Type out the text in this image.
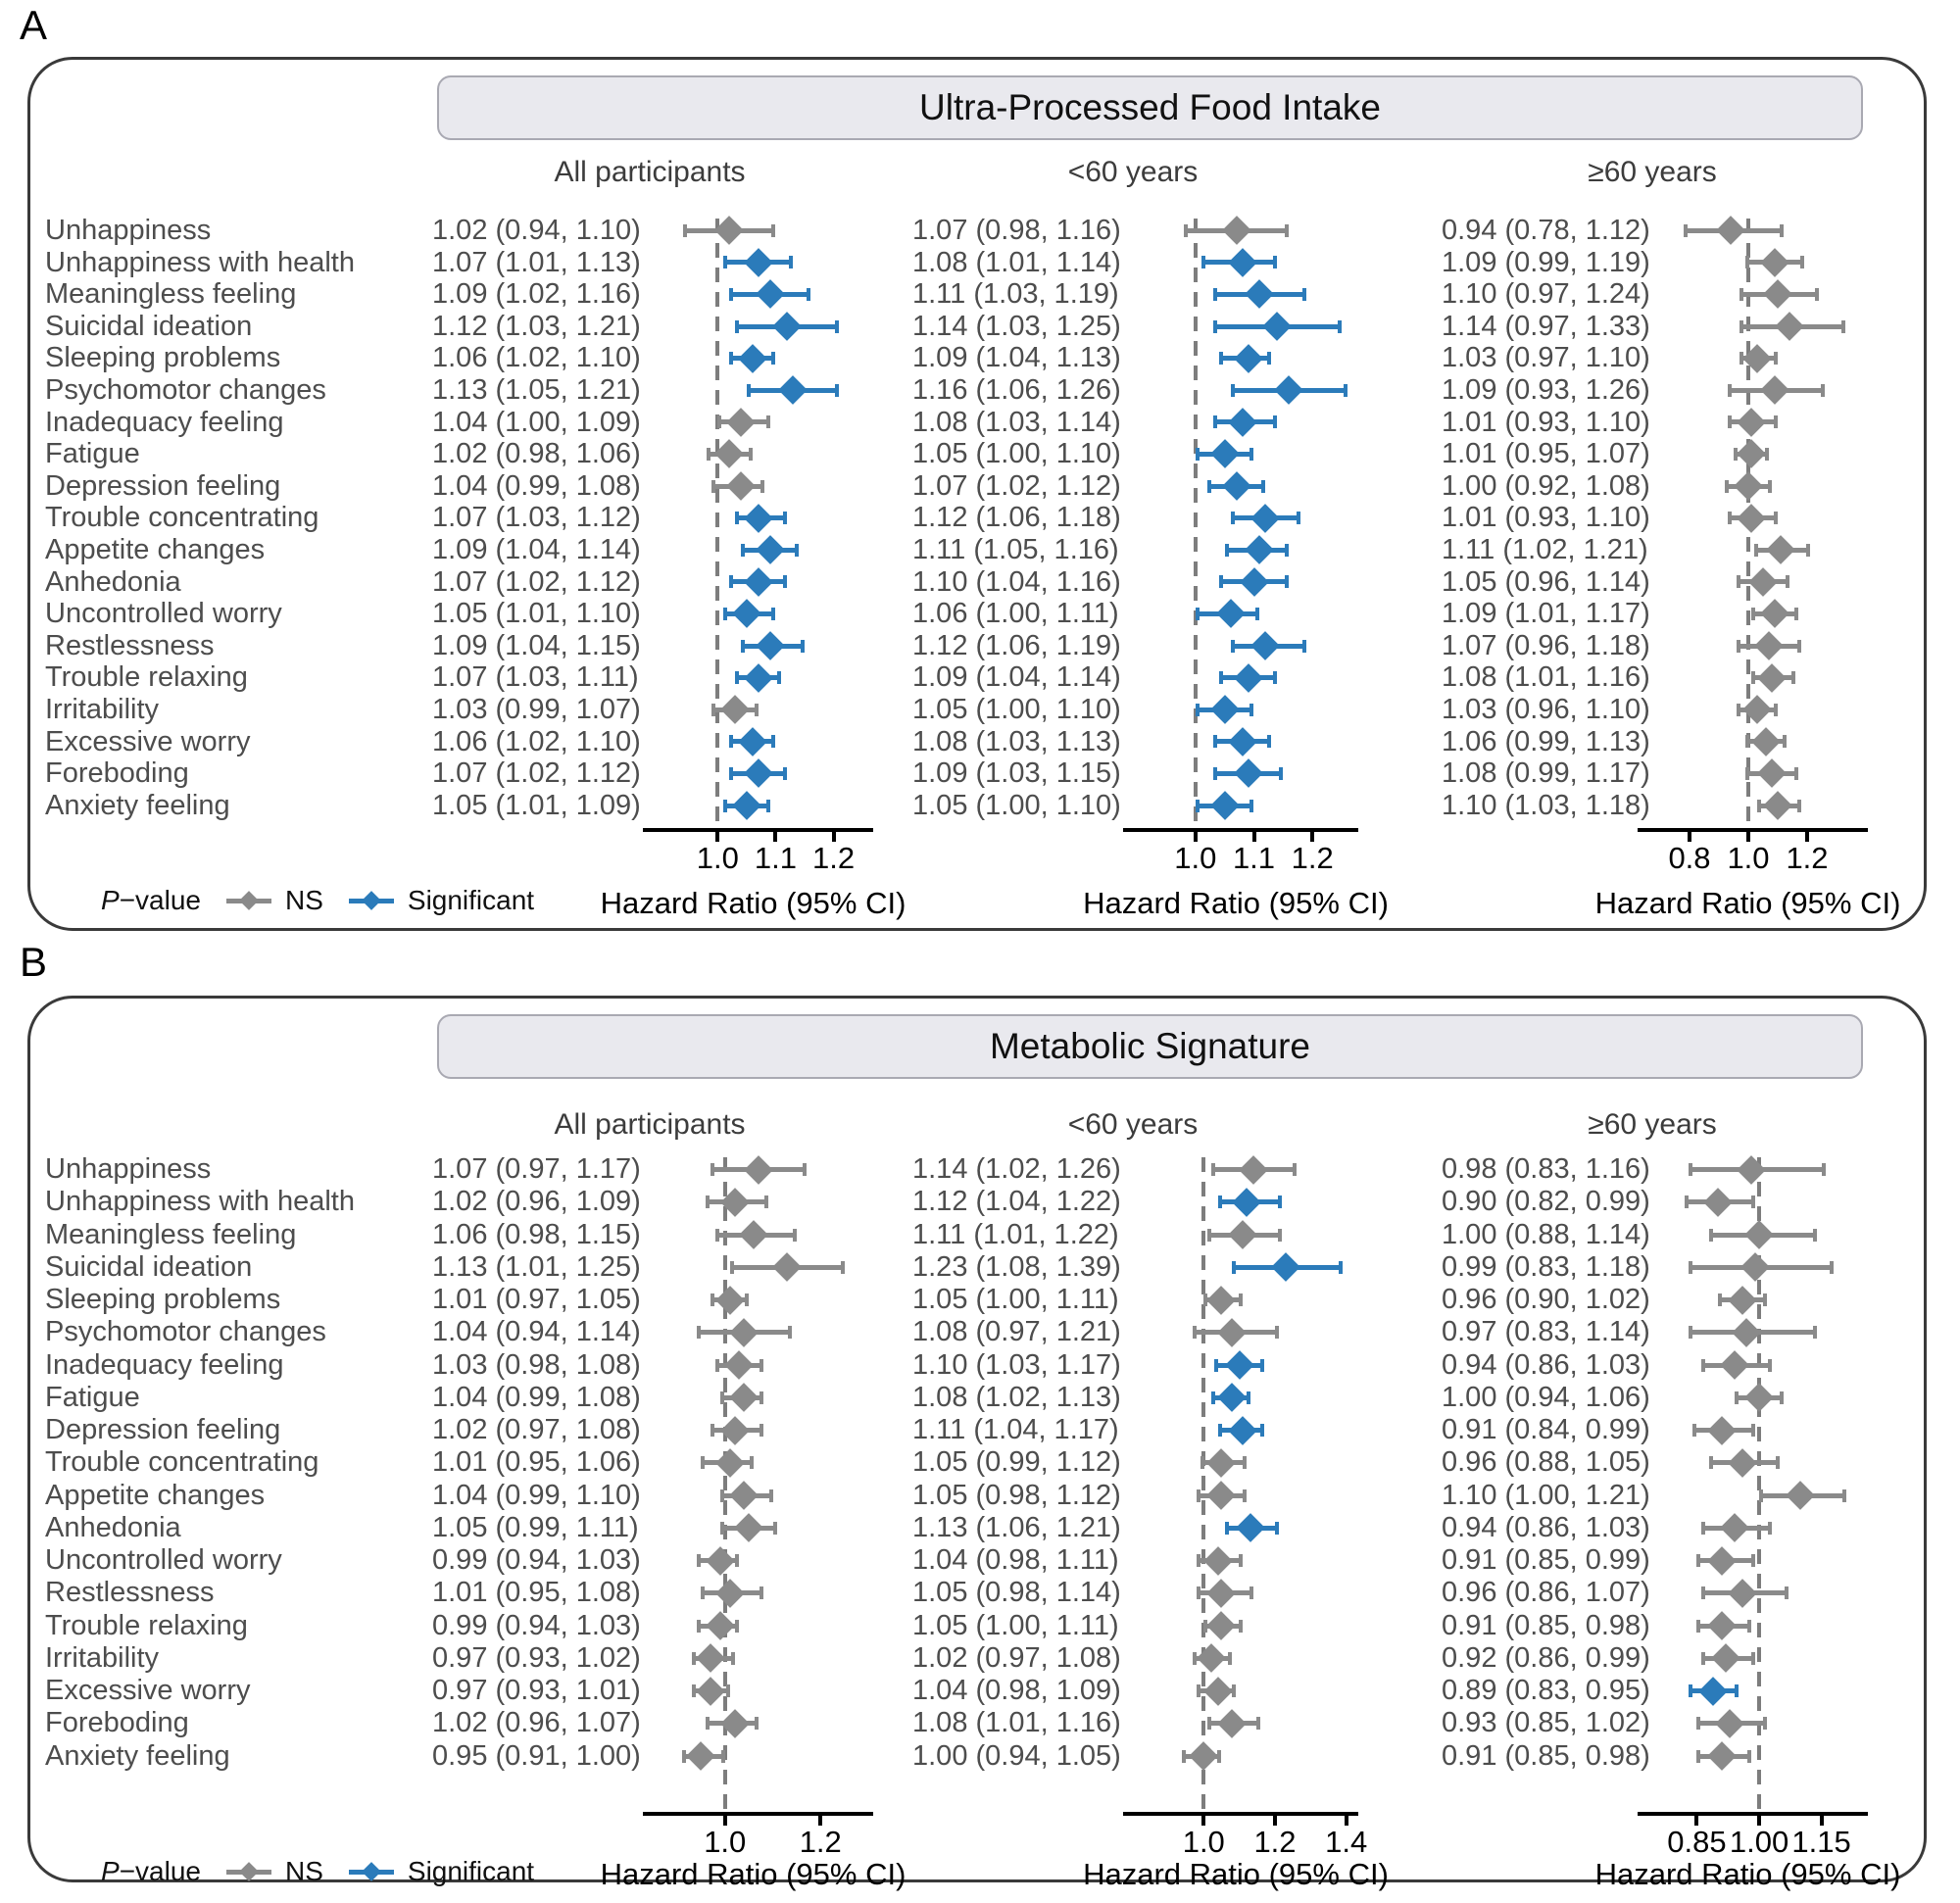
A
Ultra-Processed Food Intake
All participants	<60 years	≥60 years
Unhappiness	1.02 (0.94, 1.10)	1.07 (0.98, 1.16)	0.94 (0.78, 1.12)
Unhappiness with health	1.07 (1.01, 1.13)	1.08 (1.01, 1.14)	1.09 (0.99, 1.19)
Meaningless feeling	1.09 (1.02, 1.16)	1.11 (1.03, 1.19)	1.10 (0.97, 1.24)
Suicidal ideation	1.12 (1.03, 1.21)	1.14 (1.03, 1.25)	1.14 (0.97, 1.33)
Sleeping problems	1.06 (1.02, 1.10)	1.09 (1.04, 1.13)	1.03 (0.97, 1.10)
Psychomotor changes	1.13 (1.05, 1.21)	1.16 (1.06, 1.26)	1.09 (0.93, 1.26)
Inadequacy feeling	1.04 (1.00, 1.09)	1.08 (1.03, 1.14)	1.01 (0.93, 1.10)
Fatigue	1.02 (0.98, 1.06)	1.05 (1.00, 1.10)	1.01 (0.95, 1.07)
Depression feeling	1.04 (0.99, 1.08)	1.07 (1.02, 1.12)	1.00 (0.92, 1.08)
Trouble concentrating	1.07 (1.03, 1.12)	1.12 (1.06, 1.18)	1.01 (0.93, 1.10)
Appetite changes	1.09 (1.04, 1.14)	1.11 (1.05, 1.16)	1.11 (1.02, 1.21)
Anhedonia	1.07 (1.02, 1.12)	1.10 (1.04, 1.16)	1.05 (0.96, 1.14)
Uncontrolled worry	1.05 (1.01, 1.10)	1.06 (1.00, 1.11)	1.09 (1.01, 1.17)
Restlessness	1.09 (1.04, 1.15)	1.12 (1.06, 1.19)	1.07 (0.96, 1.18)
Trouble relaxing	1.07 (1.03, 1.11)	1.09 (1.04, 1.14)	1.08 (1.01, 1.16)
Irritability	1.03 (0.99, 1.07)	1.05 (1.00, 1.10)	1.03 (0.96, 1.10)
Excessive worry	1.06 (1.02, 1.10)	1.08 (1.03, 1.13)	1.06 (0.99, 1.13)
Foreboding	1.07 (1.02, 1.12)	1.09 (1.03, 1.15)	1.08 (0.99, 1.17)
Anxiety feeling	1.05 (1.01, 1.09)	1.05 (1.00, 1.10)	1.10 (1.03, 1.18)
1.0 1.1 1.2
Hazard Ratio (95% CI)
1.0 1.1 1.2
Hazard Ratio (95% CI)
0.8 1.0 1.2
Hazard Ratio (95% CI)
P −value	NS	Significant
B
Metabolic Signature
All participants	<60 years	≥60 years
Unhappiness	1.07 (0.97, 1.17)	1.14 (1.02, 1.26)	0.98 (0.83, 1.16)
Unhappiness with health	1.02 (0.96, 1.09)	1.12 (1.04, 1.22)	0.90 (0.82, 0.99)
Meaningless feeling	1.06 (0.98, 1.15)	1.11 (1.01, 1.22)	1.00 (0.88, 1.14)
Suicidal ideation	1.13 (1.01, 1.25)	1.23 (1.08, 1.39)	0.99 (0.83, 1.18)
Sleeping problems	1.01 (0.97, 1.05)	1.05 (1.00, 1.11)	0.96 (0.90, 1.02)
Psychomotor changes	1.04 (0.94, 1.14)	1.08 (0.97, 1.21)	0.97 (0.83, 1.14)
Inadequacy feeling	1.03 (0.98, 1.08)	1.10 (1.03, 1.17)	0.94 (0.86, 1.03)
Fatigue	1.04 (0.99, 1.08)	1.08 (1.02, 1.13)	1.00 (0.94, 1.06)
Depression feeling	1.02 (0.97, 1.08)	1.11 (1.04, 1.17)	0.91 (0.84, 0.99)
Trouble concentrating	1.01 (0.95, 1.06)	1.05 (0.99, 1.12)	0.96 (0.88, 1.05)
Appetite changes	1.04 (0.99, 1.10)	1.05 (0.98, 1.12)	1.10 (1.00, 1.21)
Anhedonia	1.05 (0.99, 1.11)	1.13 (1.06, 1.21)	0.94 (0.86, 1.03)
Uncontrolled worry	0.99 (0.94, 1.03)	1.04 (0.98, 1.11)	0.91 (0.85, 0.99)
Restlessness	1.01 (0.95, 1.08)	1.05 (0.98, 1.14)	0.96 (0.86, 1.07)
Trouble relaxing	0.99 (0.94, 1.03)	1.05 (1.00, 1.11)	0.91 (0.85, 0.98)
Irritability	0.97 (0.93, 1.02)	1.02 (0.97, 1.08)	0.92 (0.86, 0.99)
Excessive worry	0.97 (0.93, 1.01)	1.04 (0.98, 1.09)	0.89 (0.83, 0.95)
Foreboding	1.02 (0.96, 1.07)	1.08 (1.01, 1.16)	0.93 (0.85, 1.02)
Anxiety feeling	0.95 (0.91, 1.00)	1.00 (0.94, 1.05)	0.91 (0.85, 0.98)
1.0	1.2
Hazard Ratio (95% CI)
1.0 1.2 1.4
Hazard Ratio (95% CI)
0.85 1.00 1.15
Hazard Ratio (95% CI)
P −value	NS	Significant
